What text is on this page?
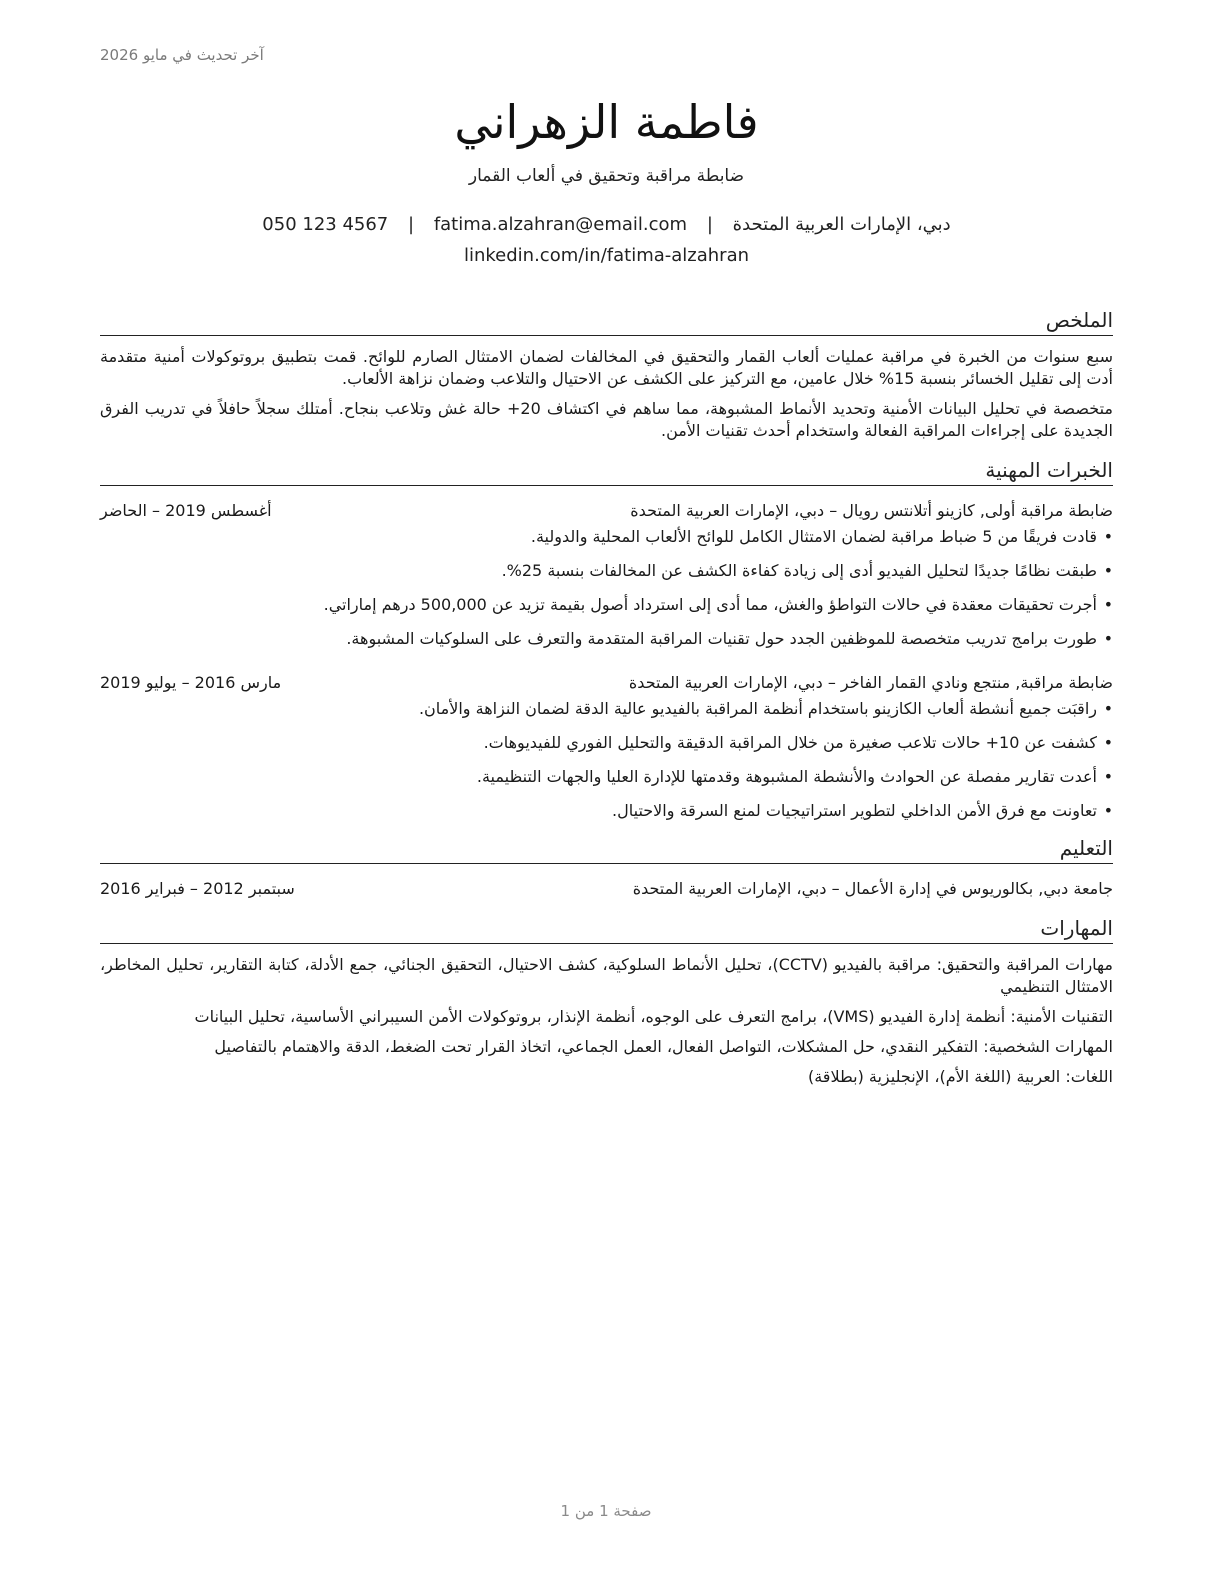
آخر تحديث في مايو 2026
فاطمة الزهراني
ضابطة مراقبة وتحقيق في ألعاب القمار
دبي، الإمارات العربية المتحدة | fatima.alzahran@email.com | 050 123 4567
linkedin.com/in/fatima-alzahran
الملخص

سبع سنوات من الخبرة في مراقبة عمليات ألعاب القمار والتحقيق في المخالفات لضمان الامتثال الصارم للوائح. قمت بتطبيق بروتوكولات أمنية متقدمة أدت إلى تقليل الخسائر بنسبة 15% خلال عامين، مع التركيز على الكشف عن الاحتيال والتلاعب وضمان نزاهة الألعاب.

متخصصة في تحليل البيانات الأمنية وتحديد الأنماط المشبوهة، مما ساهم في اكتشاف 20+ حالة غش وتلاعب بنجاح. أمتلك سجلاً حافلاً في تدريب الفرق الجديدة على إجراءات المراقبة الفعالة واستخدام أحدث تقنيات الأمن.

الخبرات المهنية
ضابطة مراقبة أولى, كازينو أتلانتس رويال – دبي، الإمارات العربية المتحدة
أغسطس 2019 – الحاضر
• قادت فريقًا من 5 ضباط مراقبة لضمان الامتثال الكامل للوائح الألعاب المحلية والدولية.
• طبقت نظامًا جديدًا لتحليل الفيديو أدى إلى زيادة كفاءة الكشف عن المخالفات بنسبة 25%.
• أجرت تحقيقات معقدة في حالات التواطؤ والغش، مما أدى إلى استرداد أصول بقيمة تزيد عن 500,000 درهم إماراتي.
• طورت برامج تدريب متخصصة للموظفين الجدد حول تقنيات المراقبة المتقدمة والتعرف على السلوكيات المشبوهة.
ضابطة مراقبة, منتجع ونادي القمار الفاخر – دبي، الإمارات العربية المتحدة
مارس 2016 – يوليو 2019
• راقبَت جميع أنشطة ألعاب الكازينو باستخدام أنظمة المراقبة بالفيديو عالية الدقة لضمان النزاهة والأمان.
• كشفت عن 10+ حالات تلاعب صغيرة من خلال المراقبة الدقيقة والتحليل الفوري للفيديوهات.
• أعدت تقارير مفصلة عن الحوادث والأنشطة المشبوهة وقدمتها للإدارة العليا والجهات التنظيمية.
• تعاونت مع فرق الأمن الداخلي لتطوير استراتيجيات لمنع السرقة والاحتيال.
التعليم
جامعة دبي, بكالوريوس في إدارة الأعمال – دبي، الإمارات العربية المتحدة
سبتمبر 2012 – فبراير 2016
المهارات

مهارات المراقبة والتحقيق: مراقبة بالفيديو (CCTV)، تحليل الأنماط السلوكية، كشف الاحتيال، التحقيق الجنائي، جمع الأدلة، كتابة التقارير، تحليل المخاطر، الامتثال التنظيمي

التقنيات الأمنية: أنظمة إدارة الفيديو (VMS)، برامج التعرف على الوجوه، أنظمة الإنذار، بروتوكولات الأمن السيبراني الأساسية، تحليل البيانات

المهارات الشخصية: التفكير النقدي، حل المشكلات، التواصل الفعال، العمل الجماعي، اتخاذ القرار تحت الضغط، الدقة والاهتمام بالتفاصيل

اللغات: العربية (اللغة الأم)، الإنجليزية (بطلاقة)

صفحة 1 من 1
